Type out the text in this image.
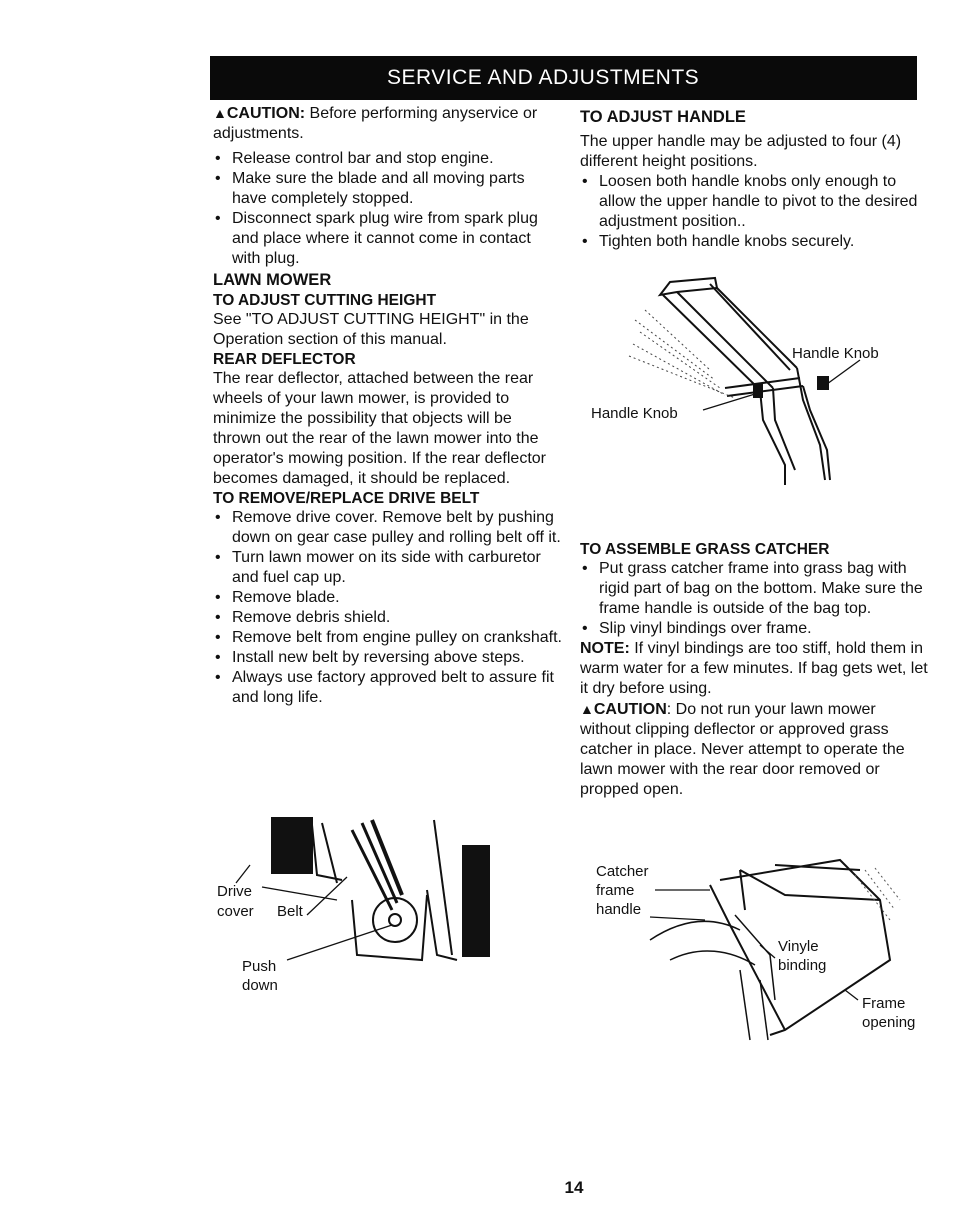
SERVICE AND ADJUSTMENTS

▲CAUTION: Before performing anyservice or adjustments.

• Release control bar and stop engine.
• Make sure the blade and all moving parts have completely stopped.
• Disconnect spark plug wire from spark plug and place where it cannot come in contact with plug.

LAWN MOWER

TO ADJUST CUTTING HEIGHT

See "TO ADJUST CUTTING HEIGHT" in the Operation section of this manual.

REAR DEFLECTOR

The rear deflector, attached between the rear wheels of your lawn mower, is provided to minimize the possibility that objects will be thrown out the rear of the lawn mower into the operator's mowing position. If the rear deflector becomes damaged, it should be replaced.

TO REMOVE/REPLACE DRIVE BELT

• Remove drive cover. Remove belt by pushing down on gear case pulley and rolling belt off it.
• Turn lawn mower on its side with carburetor and fuel cap up.
• Remove blade.
• Remove debris shield.
• Remove belt from engine pulley on crankshaft.
• Install new belt by reversing above steps.
• Always use factory approved belt to assure fit and long life.

TO ADJUST HANDLE

The upper handle may be adjusted to four (4) different height positions.

• Loosen both handle knobs only enough to allow the upper handle to pivot to the desired adjustment position..
• Tighten both handle knobs securely.

TO ASSEMBLE GRASS CATCHER

• Put grass catcher frame into grass bag with rigid part of bag on the bottom. Make sure the frame handle is outside of the bag top.
• Slip vinyl bindings over frame.

NOTE: If vinyl bindings are too stiff, hold them in warm water for a few minutes. If bag gets wet, let it dry before using.

▲CAUTION: Do not run your lawn mower without clipping deflector or approved grass catcher in place. Never attempt to operate the lawn mower with the rear door removed or propped open.

Handle Knob
Handle Knob
Drive
cover Belt
Push
down
Catcher
frame
handle
Vinyle
binding
Frame
opening
14
